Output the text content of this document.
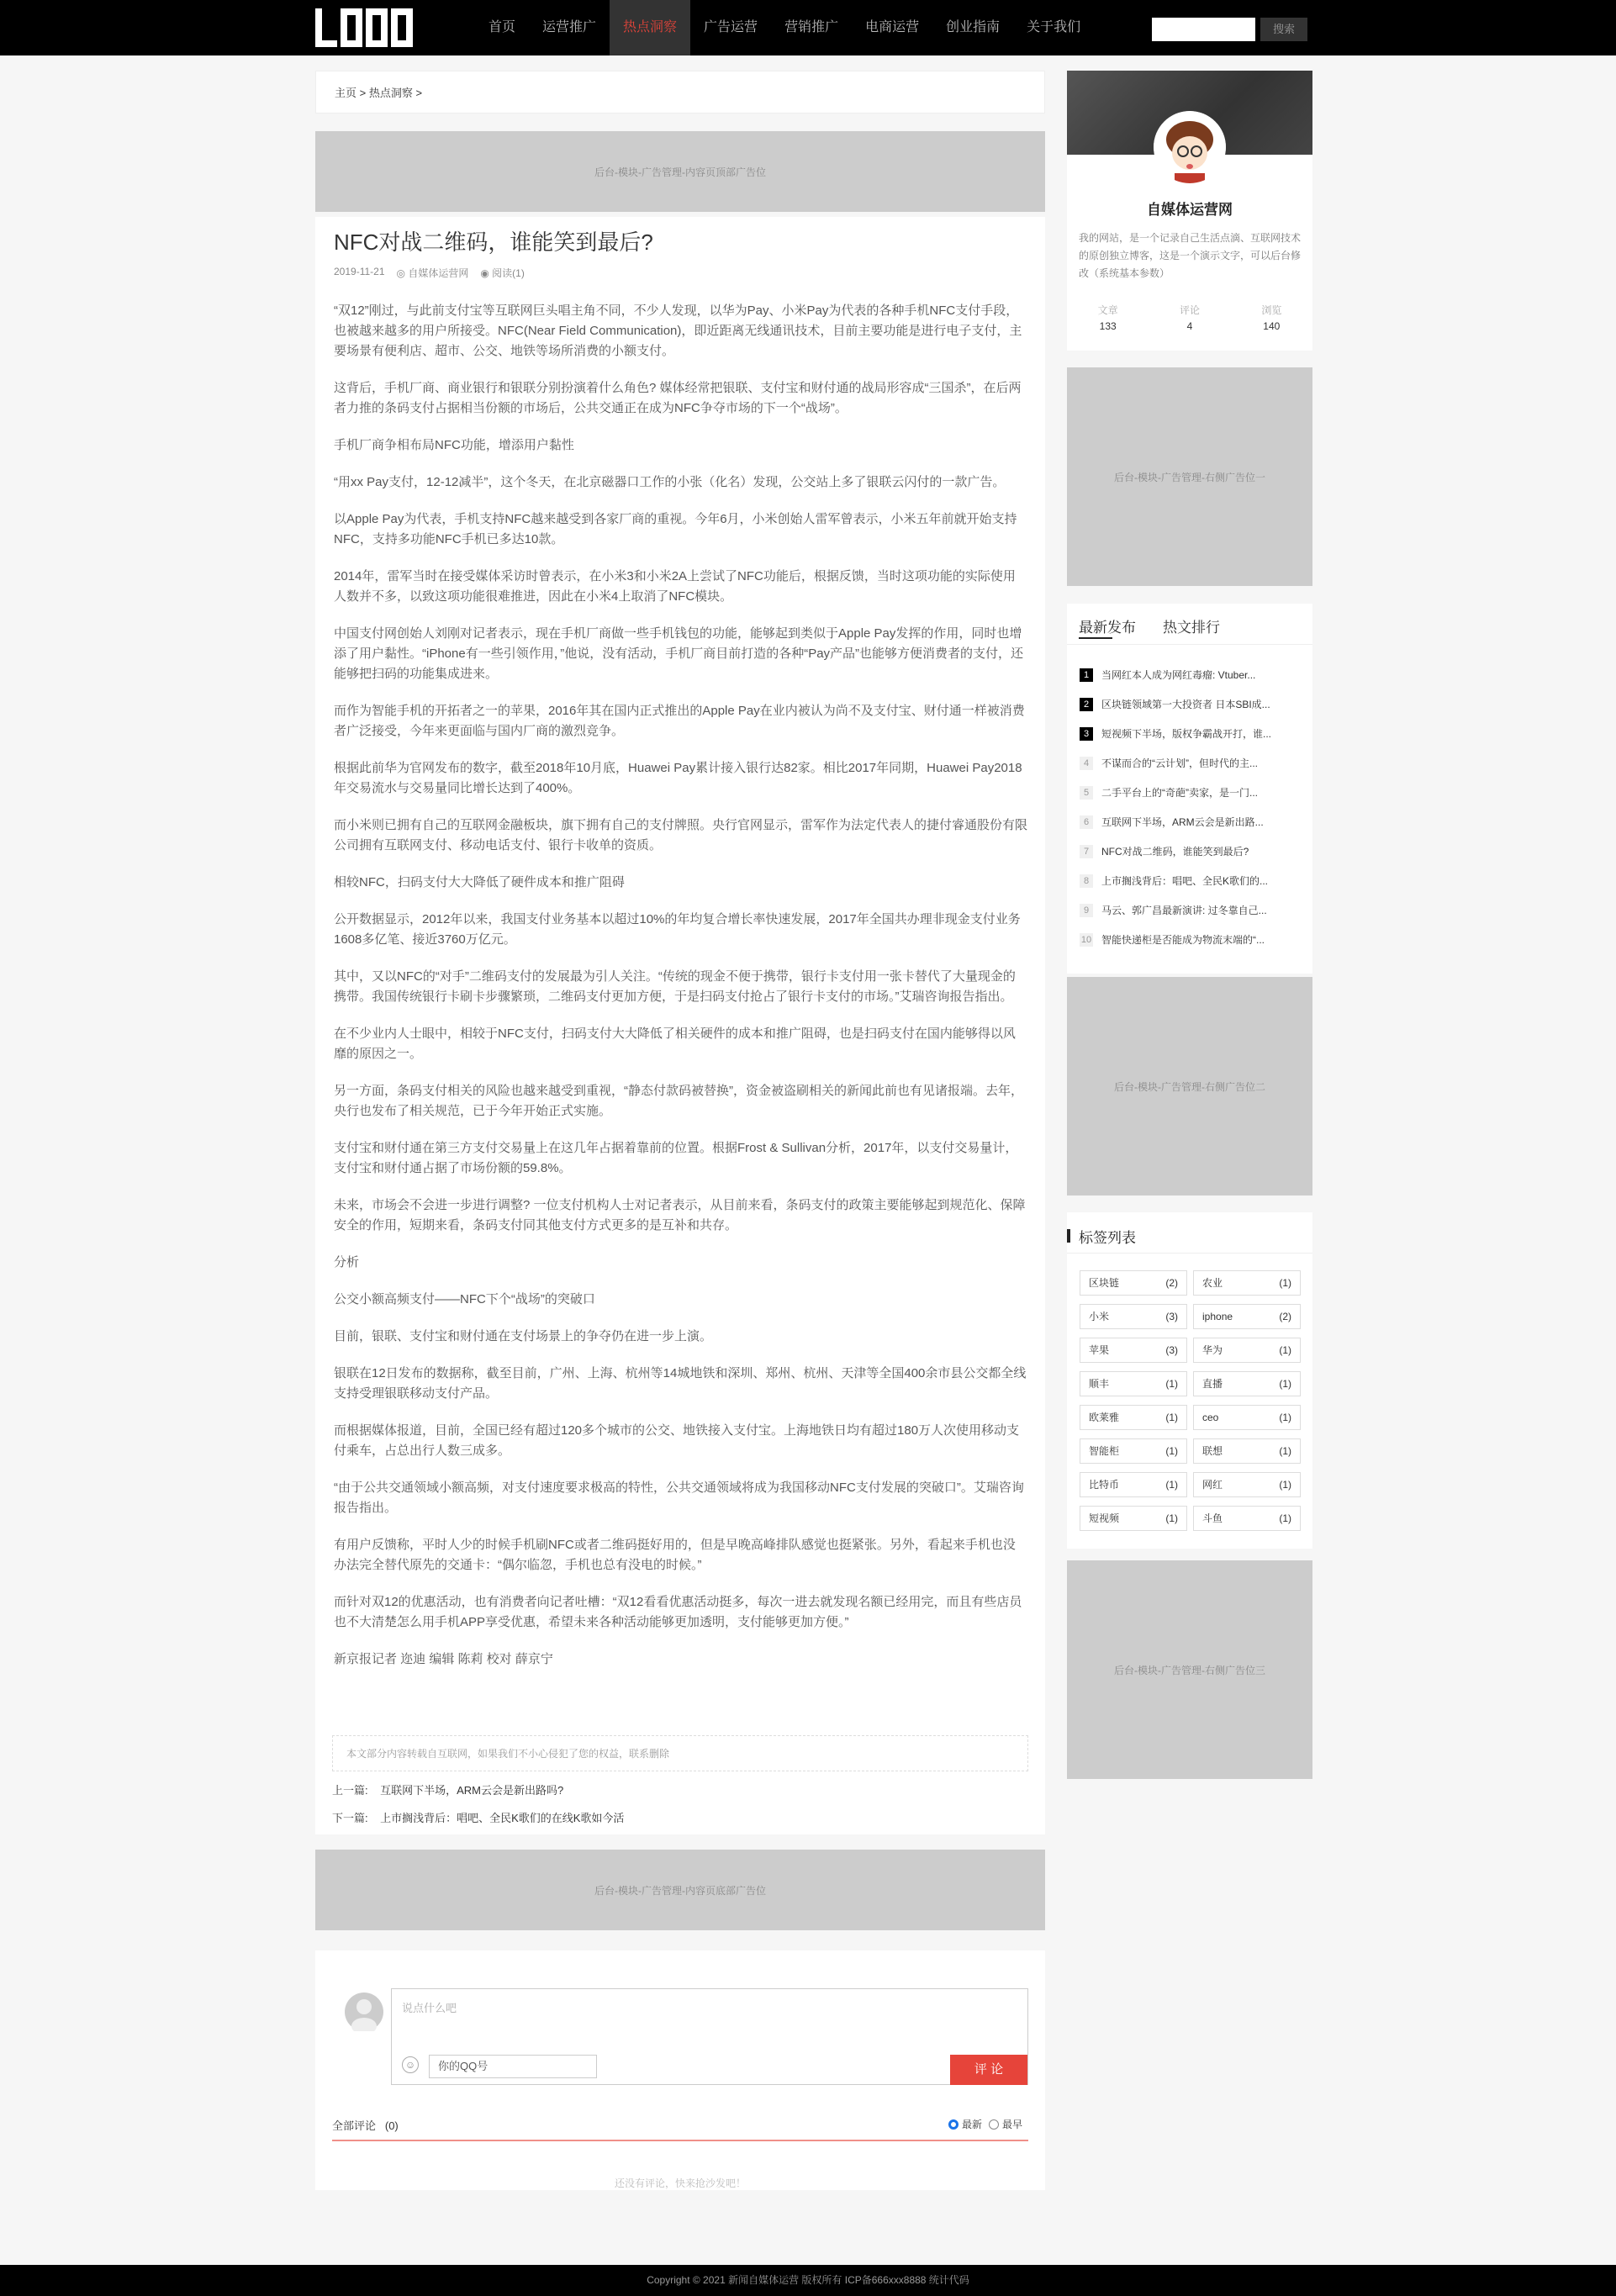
首页	运营推广	热点洞察	广告运营	营销推广	电商运营	创业指南	关于我们	搜索
主页 > 热点洞察 >
后台-模块-广告管理-内容页顶部广告位
NFC对战二维码，谁能笑到最后?
2019-11-21 ◎ 自媒体运营网 ◉ 阅读(1)

“双12”刚过，与此前支付宝等互联网巨头唱主角不同，不少人发现，以华为Pay、小米Pay为代表的各种手机NFC支付手段，也被越来越多的用户所接受。NFC(Near Field Communication)，即近距离无线通讯技术，目前主要功能是进行电子支付，主要场景有便利店、超市、公交、地铁等场所消费的小额支付。

这背后，手机厂商、商业银行和银联分别扮演着什么角色? 媒体经常把银联、支付宝和财付通的战局形容成“三国杀”，在后两者力推的条码支付占据相当份额的市场后，公共交通正在成为NFC争夺市场的下一个“战场”。

手机厂商争相布局NFC功能，增添用户黏性

“用xx Pay支付，12-12减半”，这个冬天，在北京磁器口工作的小张（化名）发现，公交站上多了银联云闪付的一款广告。

以Apple Pay为代表，手机支持NFC越来越受到各家厂商的重视。今年6月，小米创始人雷军曾表示，小米五年前就开始支持NFC，支持多功能NFC手机已多达10款。

2014年，雷军当时在接受媒体采访时曾表示，在小米3和小米2A上尝试了NFC功能后，根据反馈，当时这项功能的实际使用人数并不多，以致这项功能很难推进，因此在小米4上取消了NFC模块。

中国支付网创始人刘刚对记者表示，现在手机厂商做一些手机钱包的功能，能够起到类似于Apple Pay发挥的作用，同时也增添了用户黏性。“iPhone有一些引领作用，”他说，没有活动，手机厂商目前打造的各种“Pay产品”也能够方便消费者的支付，还能够把扫码的功能集成进来。

而作为智能手机的开拓者之一的苹果，2016年其在国内正式推出的Apple Pay在业内被认为尚不及支付宝、财付通一样被消费者广泛接受，今年来更面临与国内厂商的激烈竞争。

根据此前华为官网发布的数字，截至2018年10月底，Huawei Pay累计接入银行达82家。相比2017年同期，Huawei Pay2018年交易流水与交易量同比增长达到了400%。

而小米则已拥有自己的互联网金融板块，旗下拥有自己的支付牌照。央行官网显示，雷军作为法定代表人的捷付睿通股份有限公司拥有互联网支付、移动电话支付、银行卡收单的资质。

相较NFC，扫码支付大大降低了硬件成本和推广阻碍

公开数据显示，2012年以来，我国支付业务基本以超过10%的年均复合增长率快速发展，2017年全国共办理非现金支付业务1608多亿笔、接近3760万亿元。

其中，又以NFC的“对手”二维码支付的发展最为引人关注。“传统的现金不便于携带，银行卡支付用一张卡替代了大量现金的携带。我国传统银行卡刷卡步骤繁琐，二维码支付更加方便，于是扫码支付抢占了银行卡支付的市场。”艾瑞咨询报告指出。

在不少业内人士眼中，相较于NFC支付，扫码支付大大降低了相关硬件的成本和推广阻碍，也是扫码支付在国内能够得以风靡的原因之一。

另一方面，条码支付相关的风险也越来越受到重视，“静态付款码被替换”，资金被盗刷相关的新闻此前也有见诸报端。去年，央行也发布了相关规范，已于今年开始正式实施。

支付宝和财付通在第三方支付交易量上在这几年占据着靠前的位置。根据Frost & Sullivan分析，2017年，以支付交易量计，支付宝和财付通占据了市场份额的59.8%。

未来，市场会不会进一步进行调整? 一位支付机构人士对记者表示，从目前来看，条码支付的政策主要能够起到规范化、保障安全的作用，短期来看，条码支付同其他支付方式更多的是互补和共存。

分析

公交小额高频支付——NFC下个“战场”的突破口

目前，银联、支付宝和财付通在支付场景上的争夺仍在进一步上演。

银联在12日发布的数据称，截至目前，广州、上海、杭州等14城地铁和深圳、郑州、杭州、天津等全国400余市县公交都全线支持受理银联移动支付产品。

而根据媒体报道，目前，全国已经有超过120多个城市的公交、地铁接入支付宝。上海地铁日均有超过180万人次使用移动支付乘车，占总出行人数三成多。

“由于公共交通领域小额高频，对支付速度要求极高的特性，公共交通领域将成为我国移动NFC支付发展的突破口”。艾瑞咨询报告指出。

有用户反馈称，平时人少的时候手机刷NFC或者二维码挺好用的，但是早晚高峰排队感觉也挺紧张。另外，看起来手机也没办法完全替代原先的交通卡：“偶尔临忽，手机也总有没电的时候。”

而针对双12的优惠活动，也有消费者向记者吐槽：“双12看看优惠活动挺多，每次一进去就发现名额已经用完，而且有些店员也不大清楚怎么用手机APP享受优惠，希望未来各种活动能够更加透明，支付能够更加方便。”

新京报记者 迩迪 编辑 陈莉 校对 薛京宁

本文部分内容转载自互联网，如果我们不小心侵犯了您的权益，联系删除
上一篇: 互联网下半场，ARM云会是新出路吗?
下一篇: 上市搁浅背后：唱吧、全民K歌们的在线K歌如今活
后台-模块-广告管理-内容页底部广告位
说点什么吧
☺	你的QQ号	评 论
全部评论 (0)	最新 最早
还没有评论，快来抢沙发吧！
自媒体运营网
我的网站，是一个记录自己生活点滴、互联网技术的原创独立博客，这是一个演示文字，可以后台修改（系统基本参数）
文章
133
评论
4
浏览
140
后台-模块-广告管理-右侧广告位一
最新发布 热文排行
1	当网红本人成为网红毒瘤: Vtuber...
2	区块链领域第一大投资者 日本SBI成...
3	短视频下半场，版权争霸战开打，谁...
4	不谋而合的“云计划”，但时代的主...
5	二手平台上的“奇葩”卖家，是一门...
6	互联网下半场，ARM云会是新出路...
7	NFC对战二维码，谁能笑到最后?
8	上市搁浅背后：唱吧、全民K歌们的...
9	马云、郭广昌最新演讲: 过冬靠自己...
10 智能快递柜是否能成为物流末端的“...
后台-模块-广告管理-右侧广告位二
标签列表
区块链	(2) 农业	(1)
小米	(3) iphone	(2)
苹果	(3) 华为	(1)
顺丰	(1) 直播	(1)
欧莱雅	(1) ceo	(1)
智能柜	(1) 联想	(1)
比特币	(1) 网红	(1)
短视频	(1) 斗鱼	(1)
后台-模块-广告管理-右侧广告位三
Copyright © 2021 新闻自媒体运营 版权所有 ICP备666xxx8888 统计代码
